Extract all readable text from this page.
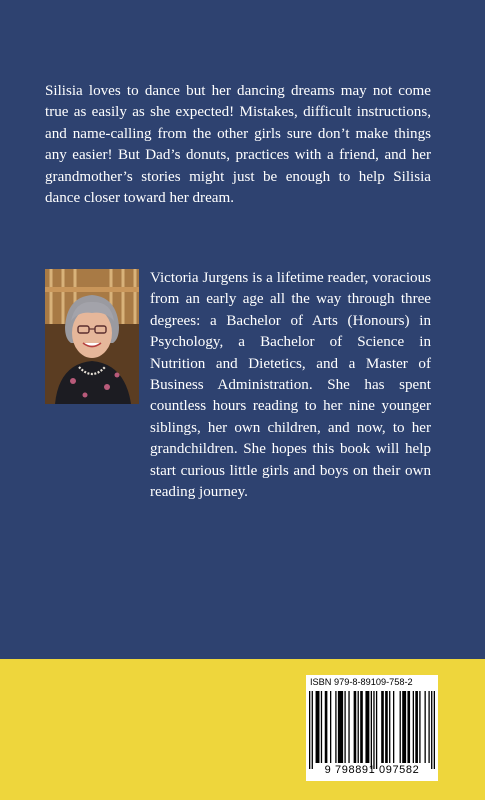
Silisia loves to dance but her dancing dreams may not come true as easily as she expected! Mistakes, difficult instructions, and name-calling from the other girls sure don’t make things any easier! But Dad’s donuts, practices with a friend, and her grandmother’s stories might just be enough to help Silisia dance closer toward her dream.

Victoria Jurgens is a lifetime reader, voracious from an early age all the way through three degrees: a Bachelor of Arts (Honours) in Psychology, a Bachelor of Science in Nutrition and Dietetics, and a Master of Business Administration. She has spent countless hours reading to her nine younger siblings, her own children, and now, to her grandchildren. She hopes this book will help start curious little girls and boys on their own reading journey.

ISBN 979-8-89109-758-2
9 798891 097582
